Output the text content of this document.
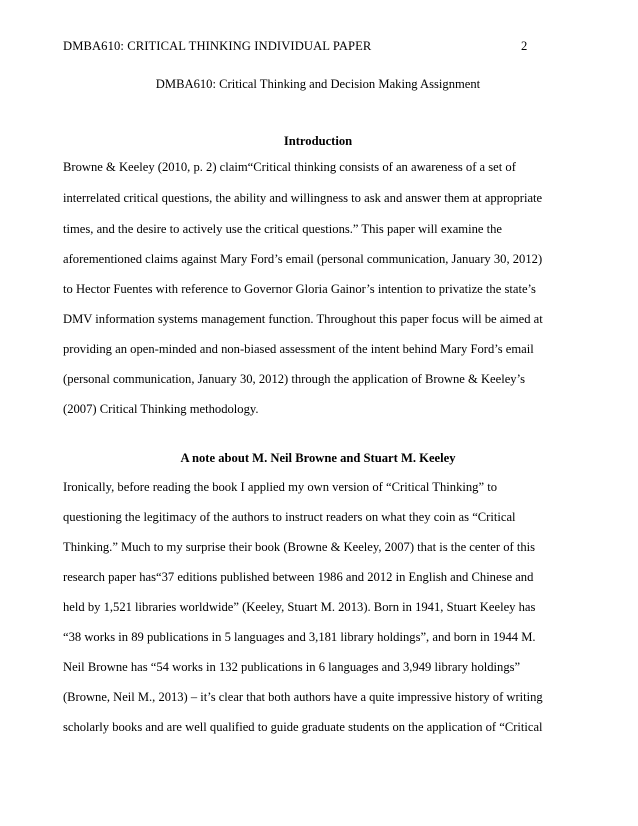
DMBA610: CRITICAL THINKING INDIVIDUAL PAPER	2
DMBA610: Critical Thinking and Decision Making Assignment
Introduction
Browne & Keeley (2010, p. 2) claim“Critical thinking consists of an awareness of a set of
interrelated critical questions, the ability and willingness to ask and answer them at appropriate
times, and the desire to actively use the critical questions.” This paper will examine the
aforementioned claims against Mary Ford’s email (personal communication, January 30, 2012)
to Hector Fuentes with reference to Governor Gloria Gainor’s intention to privatize the state’s
DMV information systems management function. Throughout this paper focus will be aimed at
providing an open-minded and non-biased assessment of the intent behind Mary Ford’s email
(personal communication, January 30, 2012) through the application of Browne & Keeley’s
(2007) Critical Thinking methodology.
A note about M. Neil Browne and Stuart M. Keeley
Ironically, before reading the book I applied my own version of “Critical Thinking” to
questioning the legitimacy of the authors to instruct readers on what they coin as “Critical
Thinking.” Much to my surprise their book (Browne & Keeley, 2007) that is the center of this
research paper has“37 editions published between 1986 and 2012 in English and Chinese and
held by 1,521 libraries worldwide” (Keeley, Stuart M. 2013). Born in 1941, Stuart Keeley has
“38 works in 89 publications in 5 languages and 3,181 library holdings”, and born in 1944 M.
Neil Browne has “54 works in 132 publications in 6 languages and 3,949 library holdings”
(Browne, Neil M., 2013) – it’s clear that both authors have a quite impressive history of writing
scholarly books and are well qualified to guide graduate students on the application of “Critical
